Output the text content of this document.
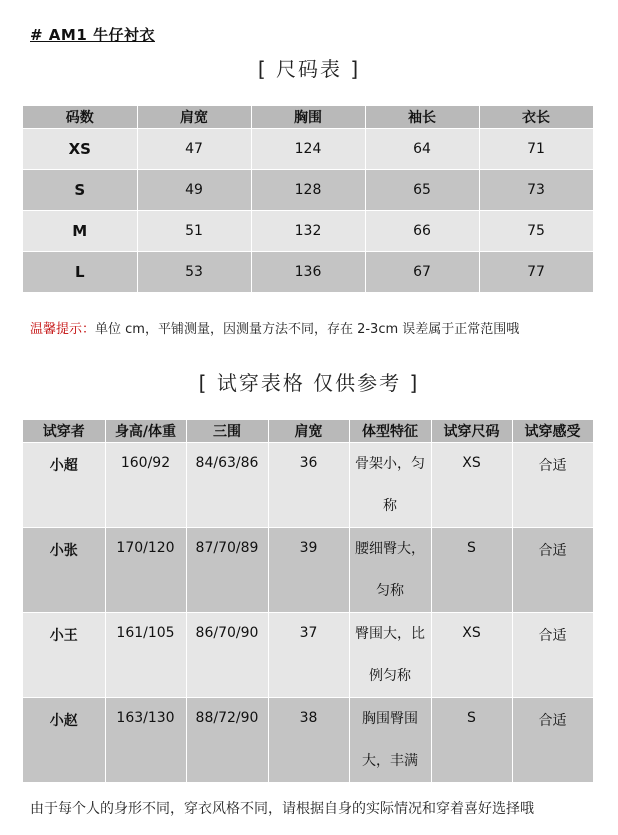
# AM1 牛仔衬衣
[ 尺码表 ]
码数	肩宽	胸围	袖长	衣长
XS	47	124	64	71
S	49	128	65	73
M	51	132	66	75
L	53	136	67	77
温馨提示：单位 cm，平铺测量，因测量方法不同，存在 2-3cm 误差属于正常范围哦
[ 试穿表格 仅供参考 ]
试穿者	身高/体重	三围	肩宽	体型特征	试穿尺码	试穿感受
小超	160/92	84/63/86	36	骨架小，匀称	XS	合适
小张	170/120	87/70/89	39	腰细臀大，匀称	S	合适
小王	161/105	86/70/90	37	臀围大，比例匀称	XS	合适
小赵	163/130	88/72/90	38	胸围臀围大，丰满	S	合适
由于每个人的身形不同，穿衣风格不同，请根据自身的实际情况和穿着喜好选择哦
